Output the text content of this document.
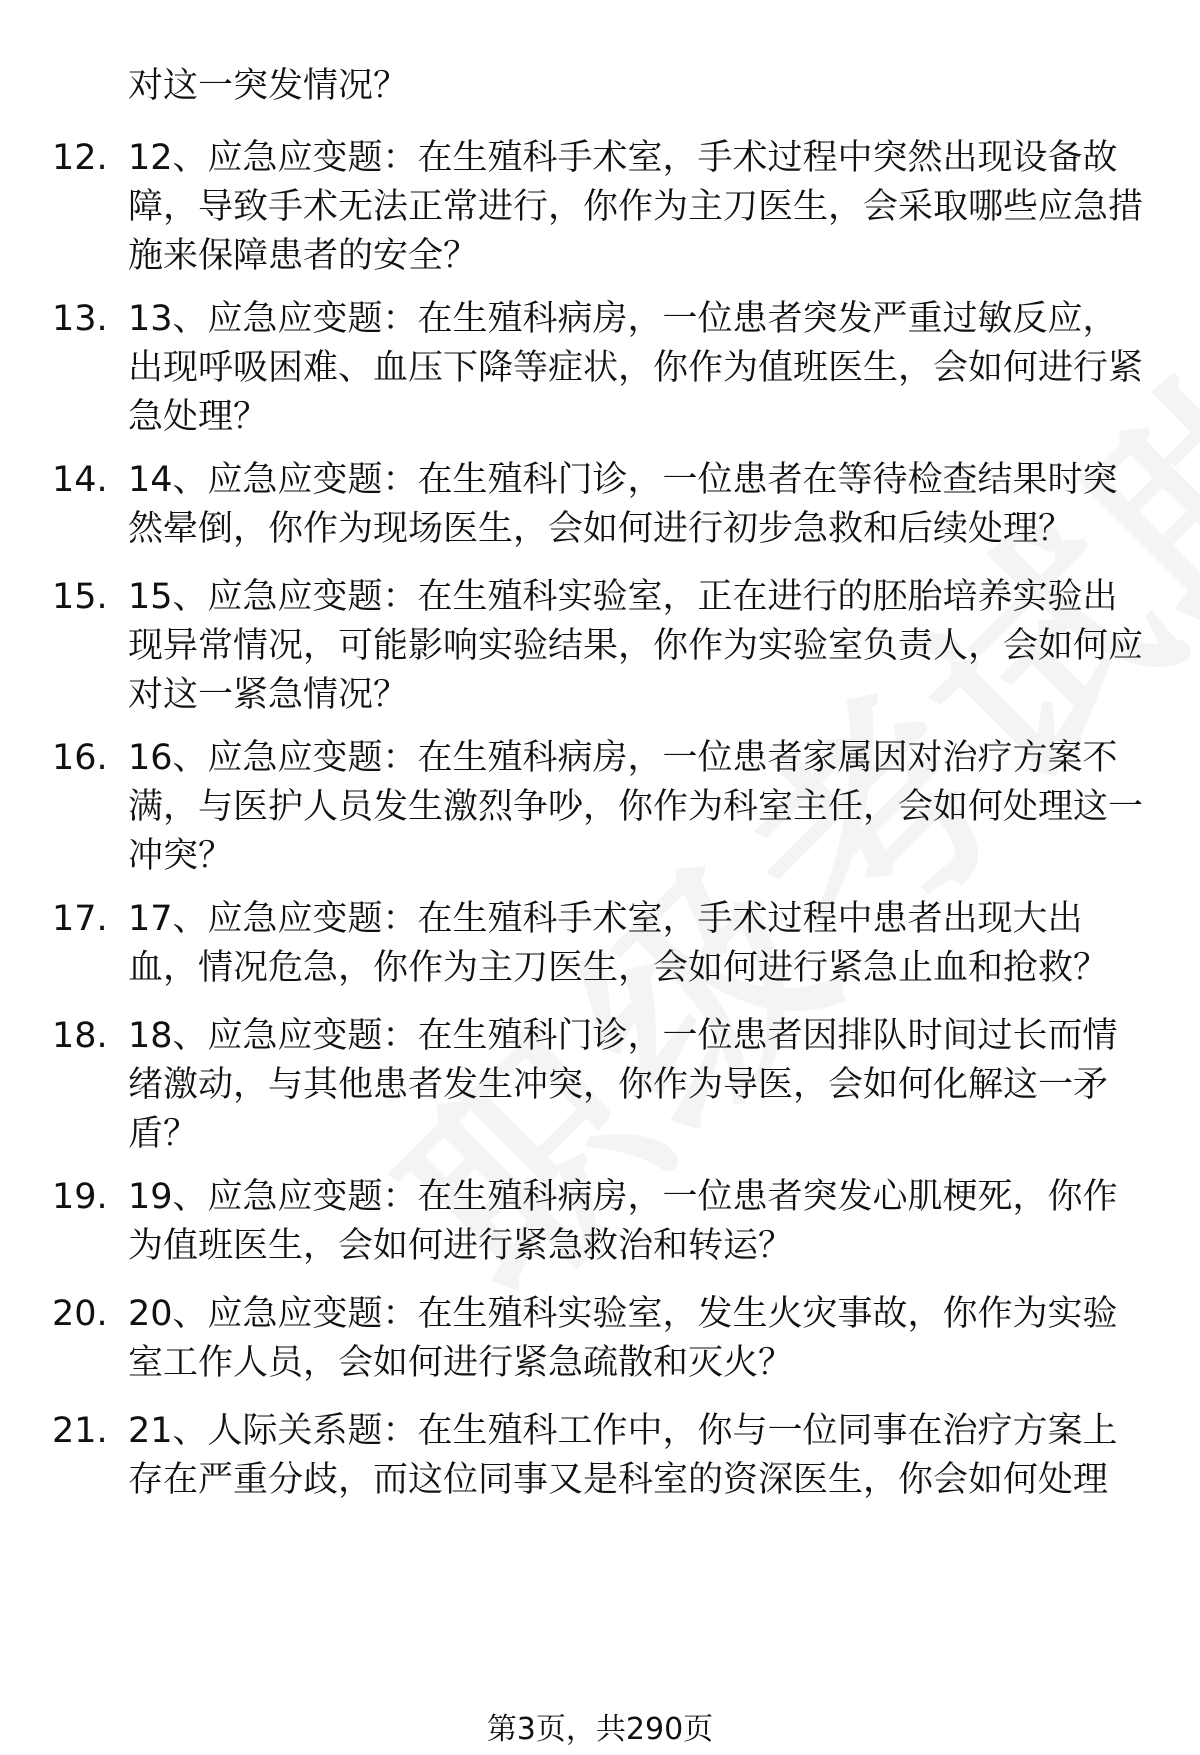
对这一突发情况？
12. 12、应急应变题：在生殖科手术室，手术过程中突然出现设备故障，导致手术无法正常进行，你作为主刀医生，会采取哪些应急措施来保障患者的安全？
13. 13、应急应变题：在生殖科病房，一位患者突发严重过敏反应，出现呼吸困难、血压下降等症状，你作为值班医生，会如何进行紧急处理？
14. 14、应急应变题：在生殖科门诊，一位患者在等待检查结果时突然晕倒，你作为现场医生，会如何进行初步急救和后续处理？
15. 15、应急应变题：在生殖科实验室，正在进行的胚胎培养实验出现异常情况，可能影响实验结果，你作为实验室负责人，会如何应对这一紧急情况？
16. 16、应急应变题：在生殖科病房，一位患者家属因对治疗方案不满，与医护人员发生激烈争吵，你作为科室主任，会如何处理这一冲突？
17. 17、应急应变题：在生殖科手术室，手术过程中患者出现大出血，情况危急，你作为主刀医生，会如何进行紧急止血和抢救？
18. 18、应急应变题：在生殖科门诊，一位患者因排队时间过长而情绪激动，与其他患者发生冲突，你作为导医，会如何化解这一矛盾？
19. 19、应急应变题：在生殖科病房，一位患者突发心肌梗死，你作为值班医生，会如何进行紧急救治和转运？
20. 20、应急应变题：在生殖科实验室，发生火灾事故，你作为实验室工作人员，会如何进行紧急疏散和灭火？
21. 21、人际关系题：在生殖科工作中，你与一位同事在治疗方案上存在严重分歧，而这位同事又是科室的资深医生，你会如何处理
第3页，共290页
